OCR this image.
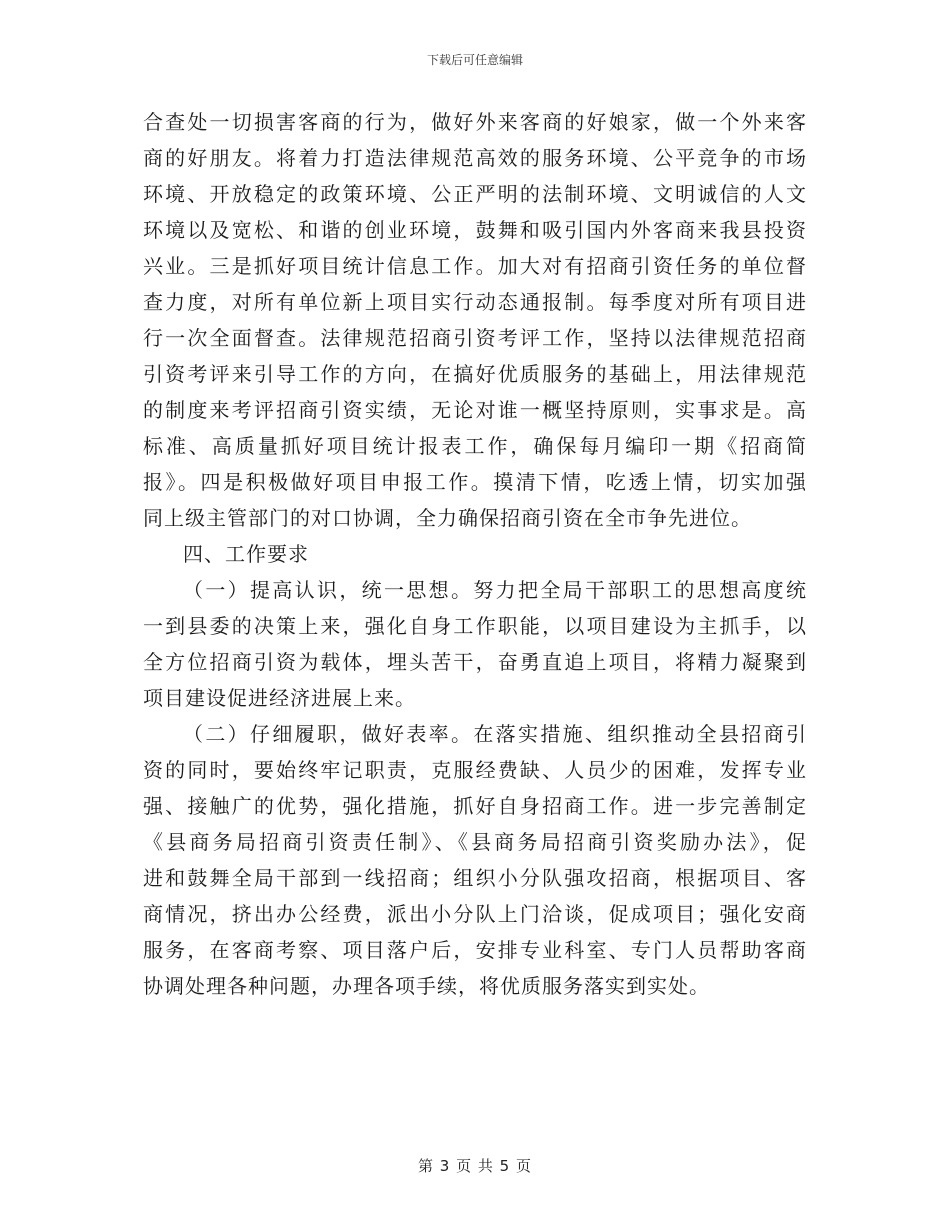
下载后可任意编辑
合查处一切损害客商的行为，做好外来客商的好娘家，做一个外来客
商的好朋友。将着力打造法律规范高效的服务环境、公平竞争的市场
环境、开放稳定的政策环境、公正严明的法制环境、文明诚信的人文
环境以及宽松、和谐的创业环境，鼓舞和吸引国内外客商来我县投资
兴业。三是抓好项目统计信息工作。加大对有招商引资任务的单位督
查力度，对所有单位新上项目实行动态通报制。每季度对所有项目进
行一次全面督查。法律规范招商引资考评工作，坚持以法律规范招商
引资考评来引导工作的方向，在搞好优质服务的基础上，用法律规范
的制度来考评招商引资实绩，无论对谁一概坚持原则，实事求是。高
标准、高质量抓好项目统计报表工作，确保每月编印一期《招商简
报》。四是积极做好项目申报工作。摸清下情，吃透上情，切实加强
同上级主管部门的对口协调，全力确保招商引资在全市争先进位。
四、工作要求
（一）提高认识，统一思想。努力把全局干部职工的思想高度统
一到县委的决策上来，强化自身工作职能，以项目建设为主抓手，以
全方位招商引资为载体，埋头苦干，奋勇直追上项目，将精力凝聚到
项目建设促进经济进展上来。
（二）仔细履职，做好表率。在落实措施、组织推动全县招商引
资的同时，要始终牢记职责，克服经费缺、人员少的困难，发挥专业
强、接触广的优势，强化措施，抓好自身招商工作。进一步完善制定
《县商务局招商引资责任制》、《县商务局招商引资奖励办法》，促
进和鼓舞全局干部到一线招商；组织小分队强攻招商，根据项目、客
商情况，挤出办公经费，派出小分队上门洽谈，促成项目；强化安商
服务，在客商考察、项目落户后，安排专业科室、专门人员帮助客商
协调处理各种问题，办理各项手续，将优质服务落实到实处。
第 3 页 共 5 页
